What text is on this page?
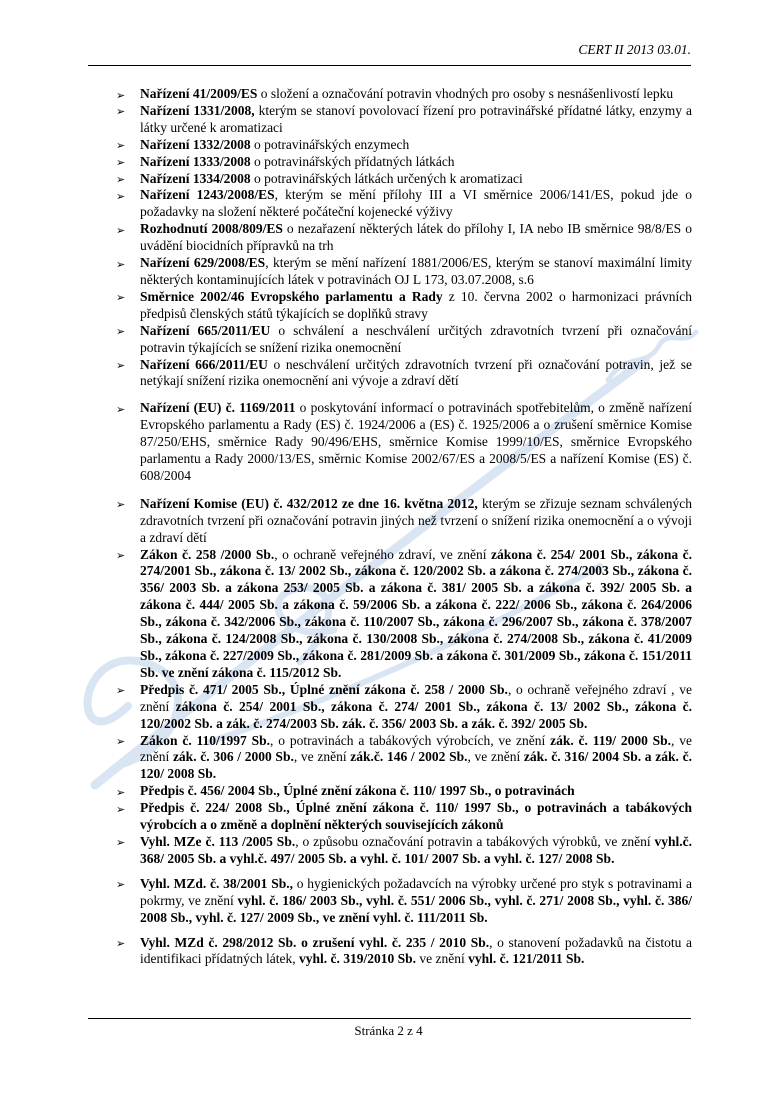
CERT II 2013 03.01.
➢ Nařízení 41/2009/ES o složení a označování potravin vhodných pro osoby s nesnášenlivostí lepku
➢ Nařízení 1331/2008, kterým se stanoví povolovací řízení pro potravinářské přídatné látky, enzymy a látky určené k aromatizaci
➢ Nařízení 1332/2008 o potravinářských enzymech
➢ Nařízení 1333/2008 o potravinářských přídatných látkách
➢ Nařízení 1334/2008 o potravinářských látkách určených k aromatizaci
➢ Nařízení 1243/2008/ES, kterým se mění přílohy III a VI směrnice 2006/141/ES, pokud jde o požadavky na složení některé počáteční kojenecké výživy
➢ Rozhodnutí 2008/809/ES o nezařazení některých látek do přílohy I, IA nebo IB směrnice 98/8/ES o uvádění biocidních přípravků na trh
➢ Nařízení 629/2008/ES, kterým se mění nařízení 1881/2006/ES, kterým se stanoví maximální limity některých kontaminujících látek v potravinách OJ L 173, 03.07.2008, s.6
➢ Směrnice 2002/46 Evropského parlamentu a Rady z 10. června 2002 o harmonizaci právních předpisů členských států týkajících se doplňků stravy
➢ Nařízení 665/2011/EU o schválení a neschválení určitých zdravotních tvrzení při označování potravin týkajících se snížení rizika onemocnění
➢ Nařízení 666/2011/EU o neschválení určitých zdravotních tvrzení při označování potravin, jež se netýkají snížení rizika onemocnění ani vývoje a zdraví dětí
➢ Nařízení (EU) č. 1169/2011 o poskytování informací o potravinách spotřebitelům, o změně nařízení Evropského parlamentu a Rady (ES) č. 1924/2006 a (ES) č. 1925/2006 a o zrušení směrnice Komise 87/250/EHS, směrnice Rady 90/496/EHS, směrnice Komise 1999/10/ES, směrnice Evropského parlamentu a Rady 2000/13/ES, směrnic Komise 2002/67/ES a 2008/5/ES a nařízení Komise (ES) č. 608/2004
➢ Nařízení Komise (EU) č. 432/2012 ze dne 16. května 2012, kterým se zřizuje seznam schválených zdravotních tvrzení při označování potravin jiných než tvrzení o snížení rizika onemocnění a o vývoji a zdraví dětí
➢ Zákon č. 258 /2000 Sb., o ochraně veřejného zdraví, ve znění zákona č. 254/ 2001 Sb., zákona č. 274/2001 Sb., zákona č. 13/ 2002 Sb., zákona č. 120/2002 Sb. a zákona č. 274/2003 Sb., zákona č. 356/ 2003 Sb. a zákona 253/ 2005 Sb. a zákona č. 381/ 2005 Sb. a zákona č. 392/ 2005 Sb. a zákona č. 444/ 2005 Sb. a zákona č. 59/2006 Sb. a zákona č. 222/ 2006 Sb., zákona č. 264/2006 Sb., zákona č. 342/2006 Sb., zákona č. 110/2007 Sb., zákona č. 296/2007 Sb., zákona č. 378/2007 Sb., zákona č. 124/2008 Sb., zákona č. 130/2008 Sb., zákona č. 274/2008 Sb., zákona č. 41/2009 Sb., zákona č. 227/2009 Sb., zákona č. 281/2009 Sb. a zákona č. 301/2009 Sb., zákona č. 151/2011 Sb. ve znění zákona č. 115/2012 Sb.
➢ Předpis č. 471/ 2005 Sb., Úplné znění zákona č. 258 / 2000 Sb., o ochraně veřejného zdraví , ve znění zákona č. 254/ 2001 Sb., zákona č. 274/ 2001 Sb., zákona č. 13/ 2002 Sb., zákona č. 120/2002 Sb. a zák. č. 274/2003 Sb. zák. č. 356/ 2003 Sb. a zák. č. 392/ 2005 Sb.
➢ Zákon č. 110/1997 Sb., o potravinách a tabákových výrobcích, ve znění zák. č. 119/ 2000 Sb., ve znění zák. č. 306 / 2000 Sb., ve znění zák.č. 146 / 2002 Sb., ve znění zák. č. 316/ 2004 Sb. a zák. č. 120/ 2008 Sb.
➢ Předpis č. 456/ 2004 Sb., Úplné znění zákona č. 110/ 1997 Sb., o potravinách
➢ Předpis č. 224/ 2008 Sb., Úplné znění zákona č. 110/ 1997 Sb., o potravinách a tabákových výrobcích a o změně a doplnění některých souvisejících zákonů
➢ Vyhl. MZe č. 113 /2005 Sb., o způsobu označování potravin a tabákových výrobků, ve znění vyhl.č. 368/ 2005 Sb. a vyhl.č. 497/ 2005 Sb. a vyhl. č. 101/ 2007 Sb. a vyhl. č. 127/ 2008 Sb.
➢ Vyhl. MZd. č. 38/2001 Sb., o hygienických požadavcích na výrobky určené pro styk s potravinami a pokrmy, ve znění vyhl. č. 186/ 2003 Sb., vyhl. č. 551/ 2006 Sb., vyhl. č. 271/ 2008 Sb., vyhl. č. 386/ 2008 Sb., vyhl. č. 127/ 2009 Sb., ve znění vyhl. č. 111/2011 Sb.
➢ Vyhl. MZd č. 298/2012 Sb. o zrušení vyhl. č. 235 / 2010 Sb., o stanovení požadavků na čistotu a identifikaci přídatných látek, vyhl. č. 319/2010 Sb. ve znění vyhl. č. 121/2011 Sb.
Stránka 2 z 4
